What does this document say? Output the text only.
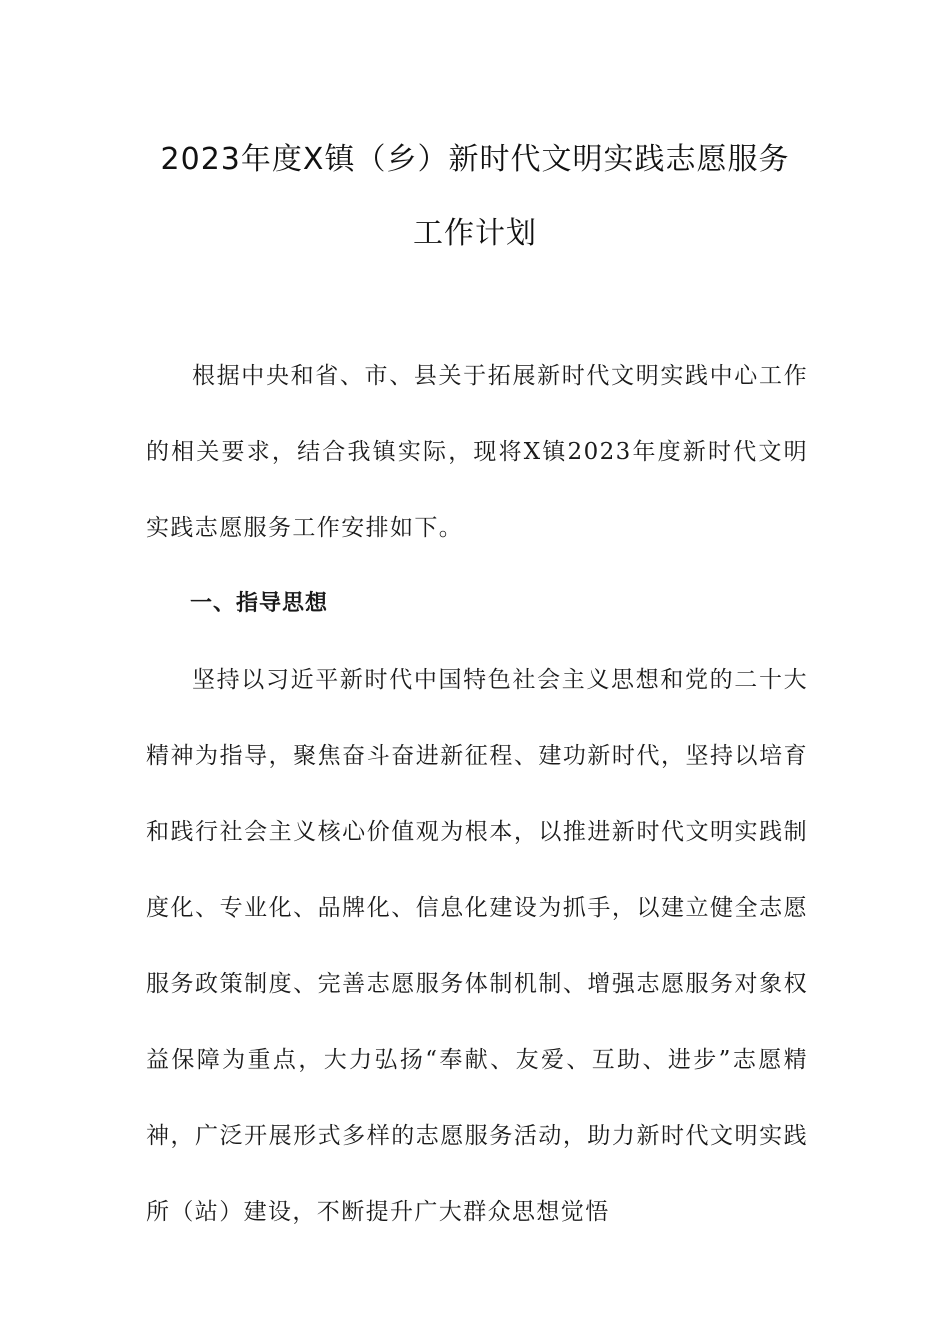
2023年度X镇（乡）新时代文明实践志愿服务
工作计划

根据中央和省、市、县关于拓展新时代文明实践中心工作的相关要求，结合我镇实际，现将X镇2023年度新时代文明实践志愿服务工作安排如下。

一、指导思想

坚持以习近平新时代中国特色社会主义思想和党的二十大精神为指导，聚焦奋斗奋进新征程、建功新时代，坚持以培育和践行社会主义核心价值观为根本，以推进新时代文明实践制度化、专业化、品牌化、信息化建设为抓手，以建立健全志愿服务政策制度、完善志愿服务体制机制、增强志愿服务对象权益保障为重点，大力弘扬“奉献、友爱、互助、进步”志愿精神，广泛开展形式多样的志愿服务活动，助力新时代文明实践所（站）建设，不断提升广大群众思想觉悟
